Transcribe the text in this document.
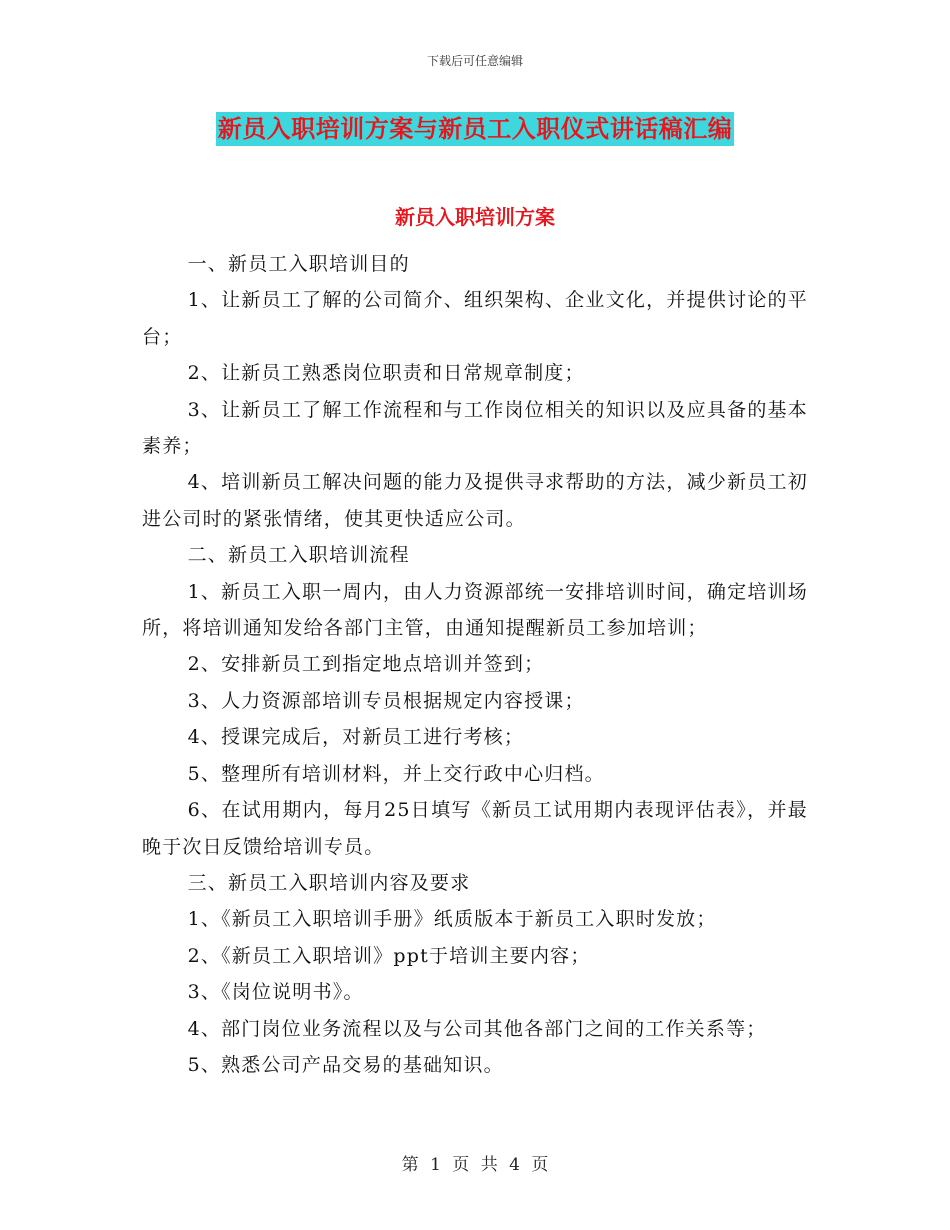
下载后可任意编辑
新员入职培训方案与新员工入职仪式讲话稿汇编
新员入职培训方案

一、新员工入职培训目的

1、让新员工了解的公司简介、组织架构、企业文化，并提供讨论的平台；

2、让新员工熟悉岗位职责和日常规章制度；

3、让新员工了解工作流程和与工作岗位相关的知识以及应具备的基本素养；

4、培训新员工解决问题的能力及提供寻求帮助的方法，减少新员工初进公司时的紧张情绪，使其更快适应公司。

二、新员工入职培训流程

1、新员工入职一周内，由人力资源部统一安排培训时间，确定培训场所，将培训通知发给各部门主管，由通知提醒新员工参加培训；

2、安排新员工到指定地点培训并签到；

3、人力资源部培训专员根据规定内容授课；

4、授课完成后，对新员工进行考核；

5、整理所有培训材料，并上交行政中心归档。

6、在试用期内，每月25日填写《新员工试用期内表现评估表》，并最晚于次日反馈给培训专员。

三、新员工入职培训内容及要求

1、《新员工入职培训手册》纸质版本于新员工入职时发放；

2、《新员工入职培训》ppt于培训主要内容；

3、《岗位说明书》。

4、部门岗位业务流程以及与公司其他各部门之间的工作关系等；

5、熟悉公司产品交易的基础知识。

第 1 页 共 4 页
